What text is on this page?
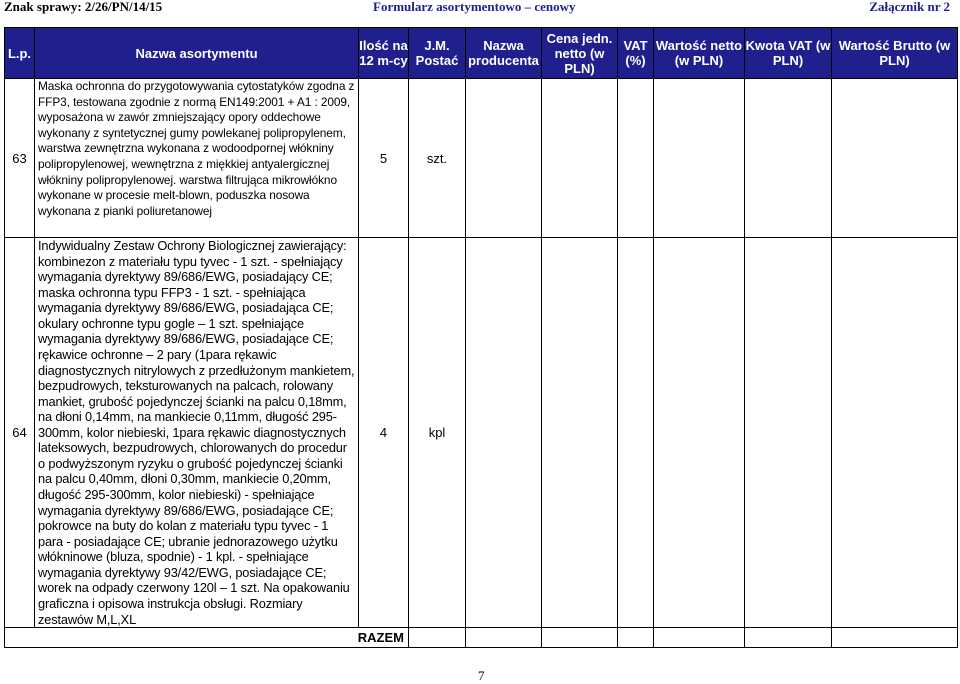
Znak sprawy: 2/26/PN/14/15	Formularz asortymentowo – cenowy	Załącznik nr 2
L.p.	Nazwa asortymentu	Ilość na 12 m-cy	J.M. Postać	Nazwa producenta	Cena jedn. netto (w PLN)	VAT (%)	Wartość netto (w PLN)	Kwota VAT (w PLN)	Wartość Brutto (w PLN)
63	Maska ochronna do przygotowywania cytostatyków zgodna z FFP3, testowana zgodnie z normą EN149:2001 + A1 : 2009, wyposażona w zawór zmniejszający opory oddechowe wykonany z syntetycznej gumy powlekanej polipropylenem, warstwa zewnętrzna wykonana z wodoodpornej włókniny polipropylenowej, wewnętrzna z miękkiej antyalergicznej włókniny polipropylenowej. warstwa filtrująca mikrowłókno wykonane w procesie melt-blown, poduszka nosowa wykonana z pianki poliuretanowej	5	szt.						
64	Indywidualny Zestaw Ochrony Biologicznej zawierający: kombinezon z materiału typu tyvec - 1 szt. - spełniający wymagania dyrektywy 89/686/EWG, posiadający CE; maska ochronna typu FFP3 - 1 szt. - spełniająca wymagania dyrektywy 89/686/EWG, posiadająca CE; okulary ochronne typu gogle – 1 szt. spełniające wymagania dyrektywy 89/686/EWG, posiadające CE; rękawice ochronne – 2 pary (1para rękawic diagnostycznych nitrylowych z przedłużonym mankietem, bezpudrowych, teksturowanych na palcach, rolowany mankiet, grubość pojedynczej ścianki na palcu 0,18mm, na dłoni 0,14mm, na mankiecie 0,11mm, długość 295-300mm, kolor niebieski, 1para rękawic diagnostycznych lateksowych, bezpudrowych, chlorowanych do procedur o podwyższonym ryzyku o grubość pojedynczej ścianki na palcu 0,40mm, dłoni 0,30mm, mankiecie 0,20mm, długość 295-300mm, kolor niebieski) - spełniające wymagania dyrektywy 89/686/EWG, posiadające CE; pokrowce na buty do kolan z materiału typu tyvec - 1 para - posiadające CE; ubranie jednorazowego użytku włókninowe (bluza, spodnie) - 1 kpl. - spełniające wymagania dyrektywy 93/42/EWG, posiadające CE; worek na odpady czerwony 120l – 1 szt. Na opakowaniu graficzna i opisowa instrukcja obsługi. Rozmiary zestawów M,L,XL	4	kpl						
RAZEM									
7
